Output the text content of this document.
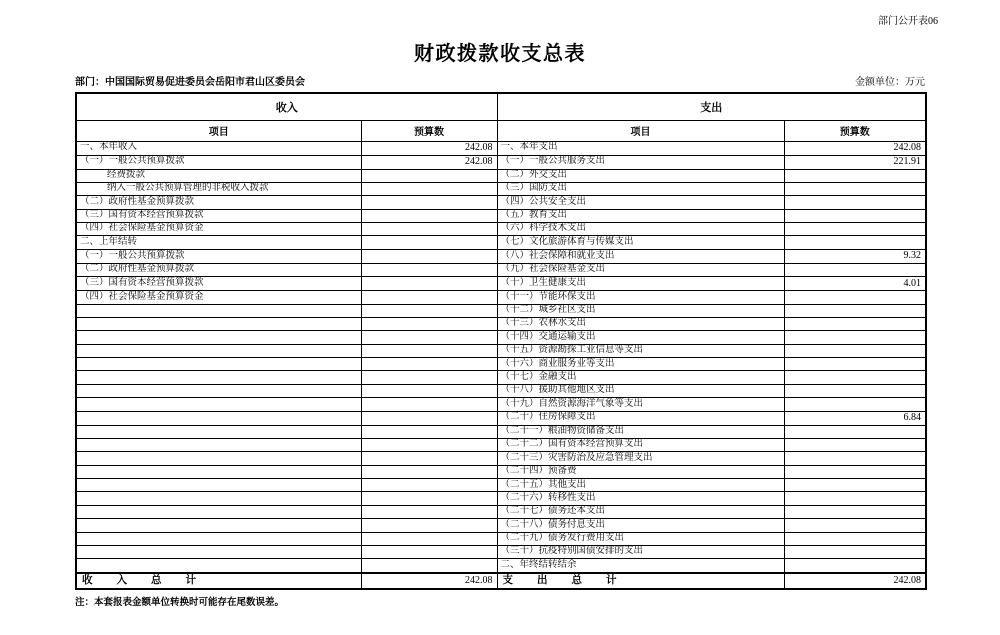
部门公开表06
财政拨款收支总表
部门：中国国际贸易促进委员会岳阳市君山区委员会	金额单位：万元
收入		支出	
项目	预算数	项目	预算数
一、本年收入	242.08	一、本年支出	242.08
（一）一般公共预算拨款	242.08	（一）一般公共服务支出	221.91
经费拨款		（二）外交支出	
纳入一般公共预算管理的非税收入拨款		（三）国防支出	
（二）政府性基金预算拨款		（四）公共安全支出	
（三）国有资本经营预算拨款		（五）教育支出	
（四）社会保险基金预算资金		（六）科学技术支出	
二、上年结转		（七）文化旅游体育与传媒支出	
（一）一般公共预算拨款		（八）社会保障和就业支出	9.32
（二）政府性基金预算拨款		（九）社会保险基金支出	
（三）国有资本经营预算拨款		（十）卫生健康支出	4.01
（四）社会保险基金预算资金		（十一）节能环保支出	
		（十二）城乡社区支出	
		（十三）农林水支出	
		（十四）交通运输支出	
		（十五）资源勘探工业信息等支出	
		（十六）商业服务业等支出	
		（十七）金融支出	
		（十八）援助其他地区支出	
		（十九）自然资源海洋气象等支出	
		（二十）住房保障支出	6.84
		（二十一）粮油物资储备支出	
		（二十二）国有资本经营预算支出	
		（二十三）灾害防治及应急管理支出	
		（二十四）预备费	
		（二十五）其他支出	
		（二十六）转移性支出	
		（二十七）债务还本支出	
		（二十八）债务付息支出	
		（二十九）债务发行费用支出	
		（三十）抗疫特别国债安排的支出	
		二、年终结转结余	
收入总计	242.08	支出总计	242.08
注：本套报表金额单位转换时可能存在尾数误差。
